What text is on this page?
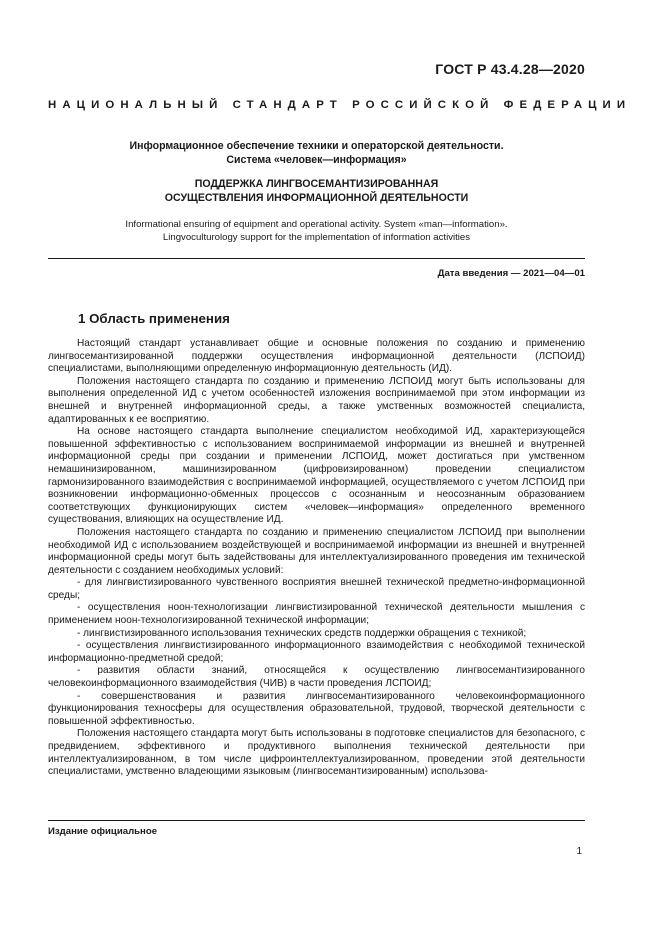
ГОСТ Р 43.4.28—2020
НАЦИОНАЛЬНЫЙ СТАНДАРТ РОССИЙСКОЙ ФЕДЕРАЦИИ
Информационное обеспечение техники и операторской деятельности.
Система «человек—информация»
ПОДДЕРЖКА ЛИНГВОСЕМАНТИЗИРОВАННАЯ
ОСУЩЕСТВЛЕНИЯ ИНФОРМАЦИОННОЙ ДЕЯТЕЛЬНОСТИ
Informational ensuring of equipment and operational activity. System «man—information».
Lingvoculturology support for the implementation of information activities
Дата введения — 2021—04—01
1 Область применения

Настоящий стандарт устанавливает общие и основные положения по созданию и применению лингвосемантизированной поддержки осуществления информационной деятельности (ЛСПОИД) специалистами, выполняющими определенную информационную деятельность (ИД).

Положения настоящего стандарта по созданию и применению ЛСПОИД могут быть использованы для выполнения определенной ИД с учетом особенностей изложения воспринимаемой при этом информации из внешней и внутренней информационной среды, а также умственных возможностей специалиста, адаптированных к ее восприятию.

На основе настоящего стандарта выполнение специалистом необходимой ИД, характеризующейся повышенной эффективностью с использованием воспринимаемой информации из внешней и внутренней информационной среды при создании и применении ЛСПОИД, может достигаться при умственном немашинизированном, машинизированном (цифровизированном) проведении специалистом гармонизированного взаимодействия с воспринимаемой информацией, осуществляемого с учетом ЛСПОИД при возникновении информационно-обменных процессов с осознанным и неосознанным образованием соответствующих функционирующих систем «человек—информация» определенного временного существования, влияющих на осуществление ИД.

Положения настоящего стандарта по созданию и применению специалистом ЛСПОИД при выполнении необходимой ИД с использованием воздействующей и воспринимаемой информации из внешней и внутренней информационной среды могут быть задействованы для интеллектуализированного проведения им технической деятельности с созданием необходимых условий:

- для лингвистизированного чувственного восприятия внешней технической предметно-информационной среды;

- осуществления ноон-технологизации лингвистизированной технической деятельности мышления с применением ноон-технологизированной технической информации;

- лингвистизированного использования технических средств поддержки обращения с техникой;

- осуществления лингвистизированного информационного взаимодействия с необходимой технической информационно-предметной средой;

- развития области знаний, относящейся к осуществлению лингвосемантизированного человекоинформационного взаимодействия (ЧИВ) в части проведения ЛСПОИД;

- совершенствования и развития лингвосемантизированного человекоинформационного функционирования техносферы для осуществления образовательной, трудовой, творческой деятельности с повышенной эффективностью.

Положения настоящего стандарта могут быть использованы в подготовке специалистов для безопасного, с предвидением, эффективного и продуктивного выполнения технической деятельности при интеллектуализированном, в том числе цифроинтеллектуализированном, проведении этой деятельности специалистами, умственно владеющими языковым (лингвосемантизированным) использова-

Издание официальное
1
